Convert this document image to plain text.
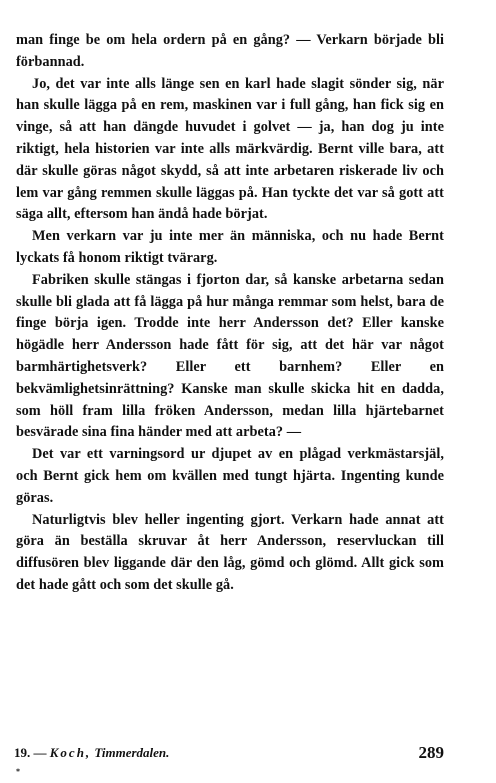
man finge be om hela ordern på en gång? — Verkarn började bli förbannad.

Jo, det var inte alls länge sen en karl hade slagit sönder sig, när han skulle lägga på en rem, maskinen var i full gång, han fick sig en vinge, så att han dängde huvudet i golvet — ja, han dog ju inte riktigt, hela historien var inte alls märkvärdig. Bernt ville bara, att där skulle göras något skydd, så att inte arbetaren riskerade liv och lem var gång remmen skulle läggas på. Han tyckte det var så gott att säga allt, eftersom han ändå hade börjat.

Men verkarn var ju inte mer än människa, och nu hade Bernt lyckats få honom riktigt tvärarg.

Fabriken skulle stängas i fjorton dar, så kanske arbetarna sedan skulle bli glada att få lägga på hur många remmar som helst, bara de finge börja igen. Trodde inte herr Andersson det? Eller kanske högädle herr Andersson hade fått för sig, att det här var något barmhärtighetsverk? Eller ett barnhem? Eller en bekvämlighetsinrättning? Kanske man skulle skicka hit en dadda, som höll fram lilla fröken Andersson, medan lilla hjärtebarnet besvärade sina fina händer med att arbeta? —

Det var ett varningsord ur djupet av en plågad verkmästarsjäl, och Bernt gick hem om kvällen med tungt hjärta. Ingenting kunde göras.

Naturligtvis blev heller ingenting gjort. Verkarn hade annat att göra än beställa skruvar åt herr Andersson, reservluckan till diffusören blev liggande där den låg, gömd och glömd. Allt gick som det hade gått och som det skulle gå.

19. — Koch, Timmerdalen.
*
289
